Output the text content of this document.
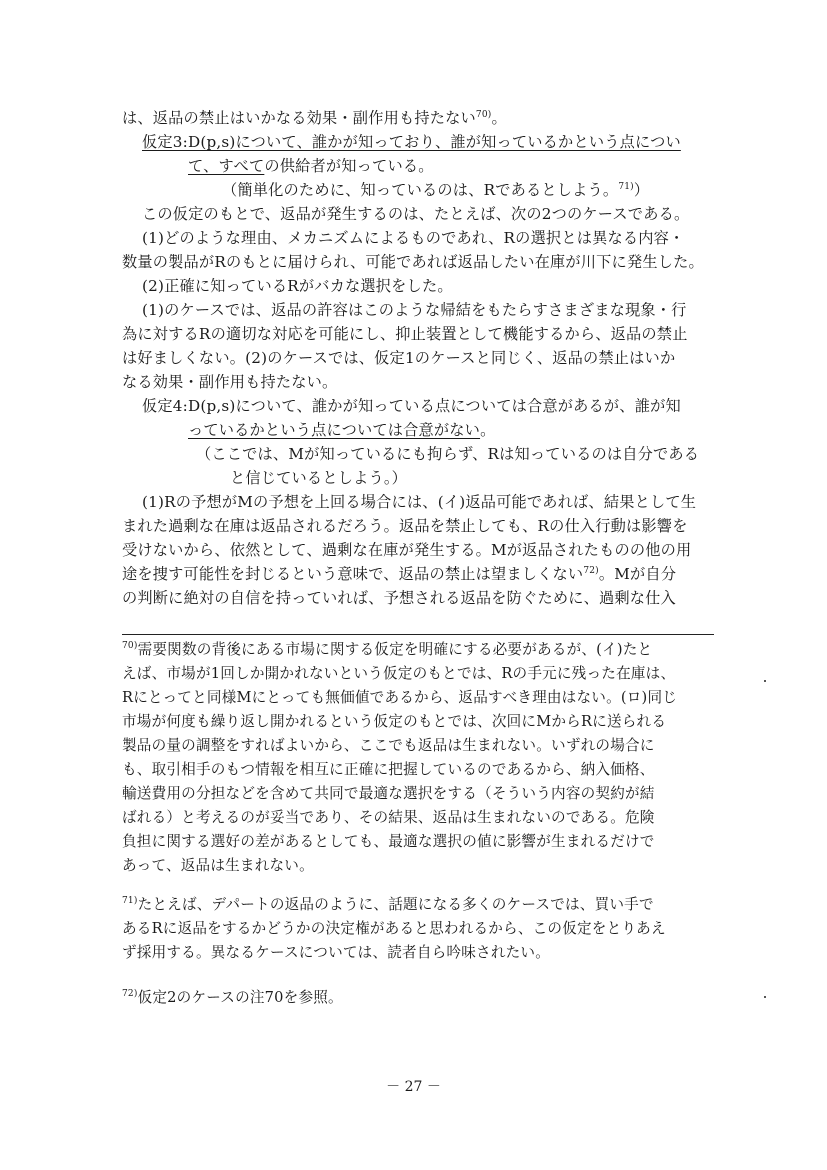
は、返品の禁止はいかなる効果・副作用も持たない$^{70)}$。
仮定3:D(p,s)について、誰かが知っており、誰が知っているかという点につい
て、すべての供給者が知っている。
（簡単化のために、知っているのは、Rであるとしよう。$^{71)}$）
この仮定のもとで、返品が発生するのは、たとえば、次の2つのケースである。
(1)どのような理由、メカニズムによるものであれ、Rの選択とは異なる内容・
数量の製品がRのもとに届けられ、可能であれば返品したい在庫が川下に発生した。
(2)正確に知っているRがバカな選択をした。
(1)のケースでは、返品の許容はこのような帰結をもたらすさまざまな現象・行
為に対するRの適切な対応を可能にし、抑止装置として機能するから、返品の禁止
は好ましくない。(2)のケースでは、仮定1のケースと同じく、返品の禁止はいか
なる効果・副作用も持たない。
仮定4:D(p,s)について、誰かが知っている点については合意があるが、誰が知
っているかという点については合意がない。
（ここでは、Mが知っているにも拘らず、Rは知っているのは自分である
と信じているとしよう。）
(1)Rの予想がMの予想を上回る場合には、(イ)返品可能であれば、結果として生
まれた過剰な在庫は返品されるだろう。返品を禁止しても、Rの仕入行動は影響を
受けないから、依然として、過剰な在庫が発生する。Mが返品されたものの他の用
途を捜す可能性を封じるという意味で、返品の禁止は望ましくない$^{72)}$。Mが自分
の判断に絶対の自信を持っていれば、予想される返品を防ぐために、過剰な仕入
$^{70)}$需要関数の背後にある市場に関する仮定を明確にする必要があるが、(イ)たと
えば、市場が1回しか開かれないという仮定のもとでは、Rの手元に残った在庫は、
Rにとってと同様Mにとっても無価値であるから、返品すべき理由はない。(ロ)同じ
市場が何度も繰り返し開かれるという仮定のもとでは、次回にMからRに送られる
製品の量の調整をすればよいから、ここでも返品は生まれない。いずれの場合に
も、取引相手のもつ情報を相互に正確に把握しているのであるから、納入価格、
輸送費用の分担などを含めて共同で最適な選択をする（そういう内容の契約が結
ばれる）と考えるのが妥当であり、その結果、返品は生まれないのである。危険
負担に関する選好の差があるとしても、最適な選択の値に影響が生まれるだけで
あって、返品は生まれない。
$^{71)}$たとえば、デパートの返品のように、話題になる多くのケースでは、買い手で
あるRに返品をするかどうかの決定権があると思われるから、この仮定をとりあえ
ず採用する。異なるケースについては、読者自ら吟味されたい。
$^{72)}$仮定2のケースの注70を参照。
－ 27 －
